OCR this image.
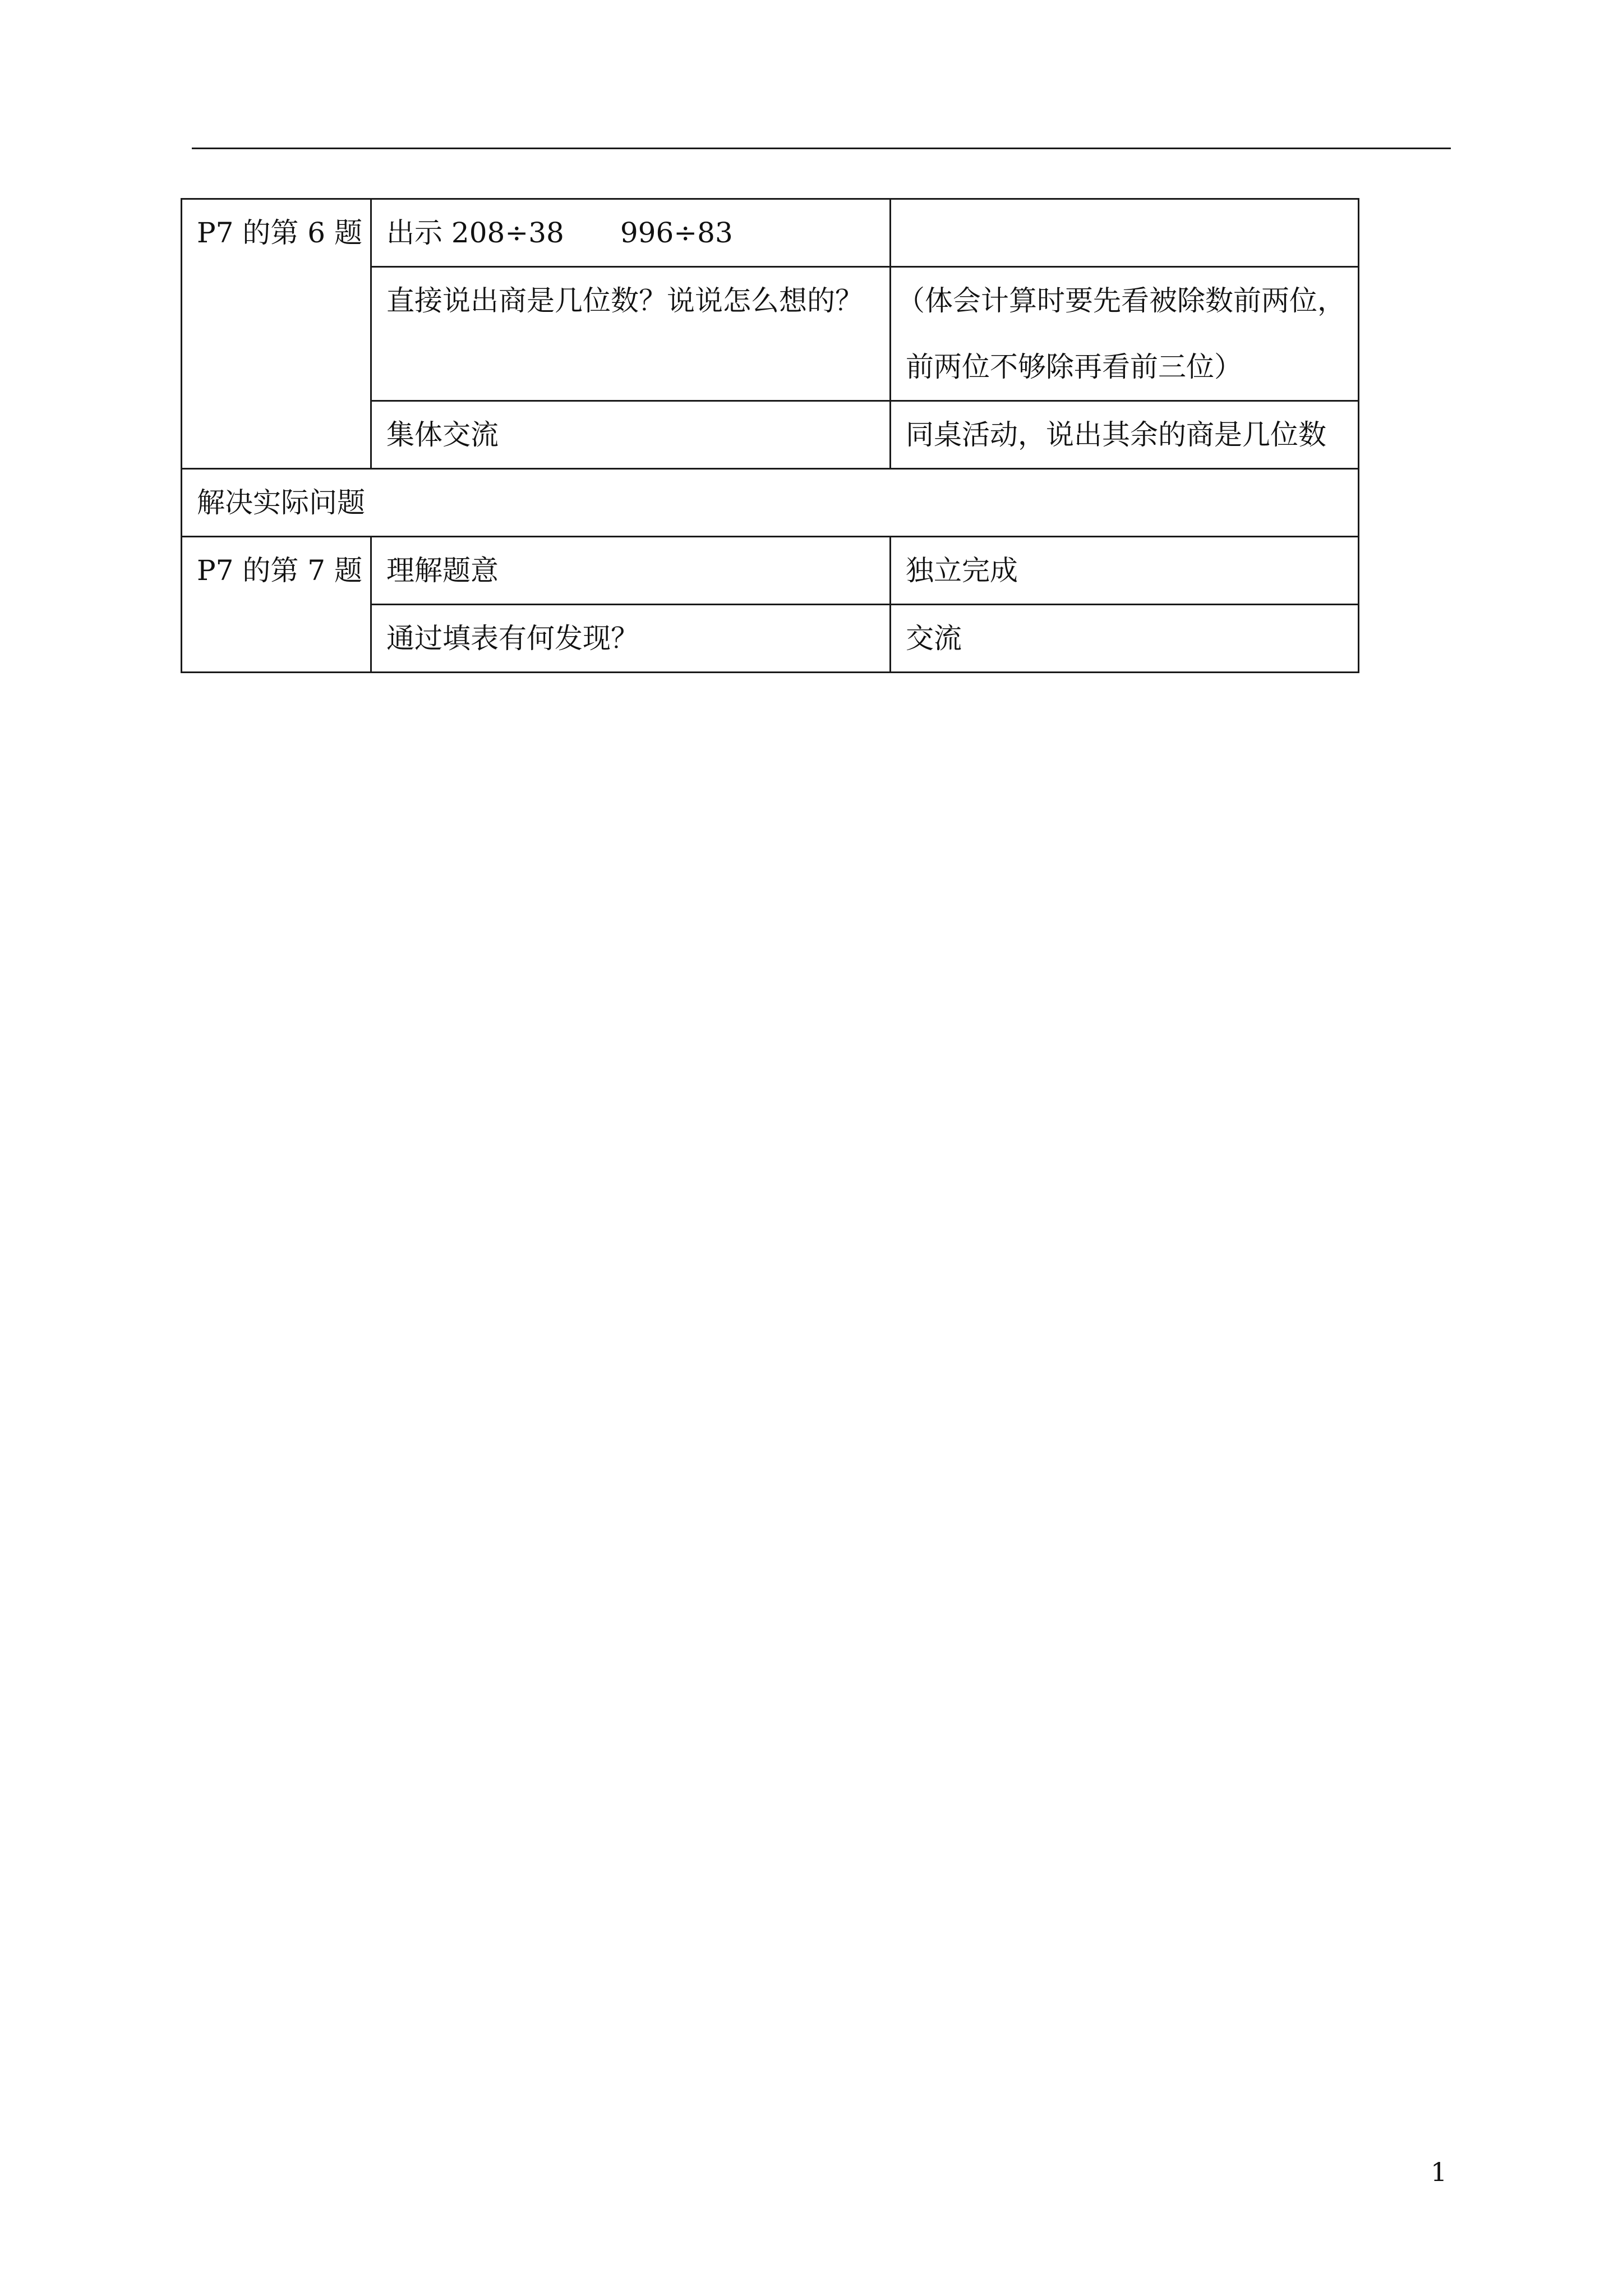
P7 的第 6 题	出示 208÷38　　996÷83	
	直接说出商是几位数？说说怎么想的？	（体会计算时要先看被除数前两位，
前两位不够除再看前三位）

	集体交流	同桌活动，说出其余的商是几位数
解决实际问题		
P7 的第 7 题	理解题意	独立完成
	通过填表有何发现？	交流
1
